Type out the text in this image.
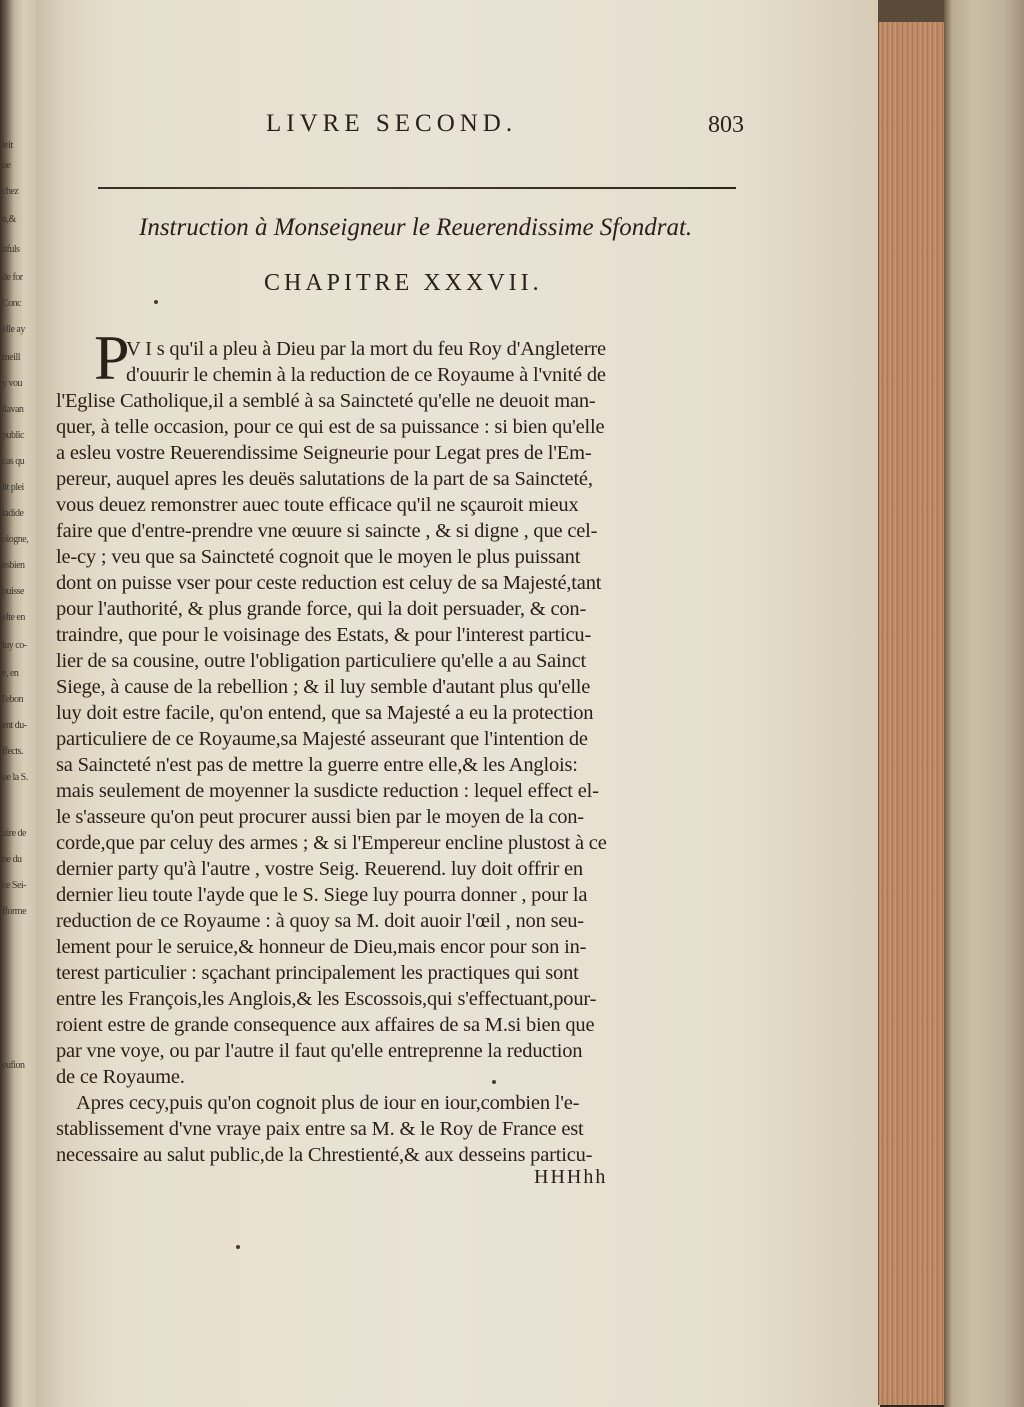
leit
ue
chez
n,&
nfuls
de for
Conc
elle ay
meill
y vou
llavan
public
cas qu
ilt plei
ladide
ologne,
esbien
puisse
elte en
luy co-
e, en
l'ebon
ent du-
ffects.
ue la S.
uire de
ne du
ce Sei-
fforme
eufion
LIVRE SECOND.	803
Instruction à Monseigneur le Reuerendissime Sfondrat.
CHAPITRE XXXVII.
P
V I s qu'il a pleu à Dieu par la mort du feu Roy d'Angleterre
d'ouurir le chemin à la reduction de ce Royaume à l'vnité de
l'Eglise Catholique,il a semblé à sa Saincteté qu'elle ne deuoit man-
quer, à telle occasion, pour ce qui est de sa puissance : si bien qu'elle
a esleu vostre Reuerendissime Seigneurie pour Legat pres de l'Em-
pereur, auquel apres les deuës salutations de la part de sa Saincteté,
vous deuez remonstrer auec toute efficace qu'il ne sçauroit mieux
faire que d'entre-prendre vne œuure si saincte , & si digne , que cel-
le-cy ; veu que sa Saincteté cognoit que le moyen le plus puissant
dont on puisse vser pour ceste reduction est celuy de sa Majesté,tant
pour l'authorité, & plus grande force, qui la doit persuader, & con-
traindre, que pour le voisinage des Estats, & pour l'interest particu-
lier de sa cousine, outre l'obligation particuliere qu'elle a au Sainct
Siege, à cause de la rebellion ; & il luy semble d'autant plus qu'elle
luy doit estre facile, qu'on entend, que sa Majesté a eu la protection
particuliere de ce Royaume,sa Majesté asseurant que l'intention de
sa Saincteté n'est pas de mettre la guerre entre elle,& les Anglois:
mais seulement de moyenner la susdicte reduction : lequel effect el-
le s'asseure qu'on peut procurer aussi bien par le moyen de la con-
corde,que par celuy des armes ; & si l'Empereur encline plustost à ce
dernier party qu'à l'autre , vostre Seig. Reuerend. luy doit offrir en
dernier lieu toute l'ayde que le S. Siege luy pourra donner , pour la
reduction de ce Royaume : à quoy sa M. doit auoir l'œil , non seu-
lement pour le seruice,& honneur de Dieu,mais encor pour son in-
terest particulier : sçachant principalement les practiques qui sont
entre les François,les Anglois,& les Escossois,qui s'effectuant,pour-
roient estre de grande consequence aux affaires de sa M.si bien que
par vne voye, ou par l'autre il faut qu'elle entreprenne la reduction
de ce Royaume.
Apres cecy,puis qu'on cognoit plus de iour en iour,combien l'e-
stablissement d'vne vraye paix entre sa M. & le Roy de France est
necessaire au salut public,de la Chrestienté,& aux desseins particu-
HHHhh
